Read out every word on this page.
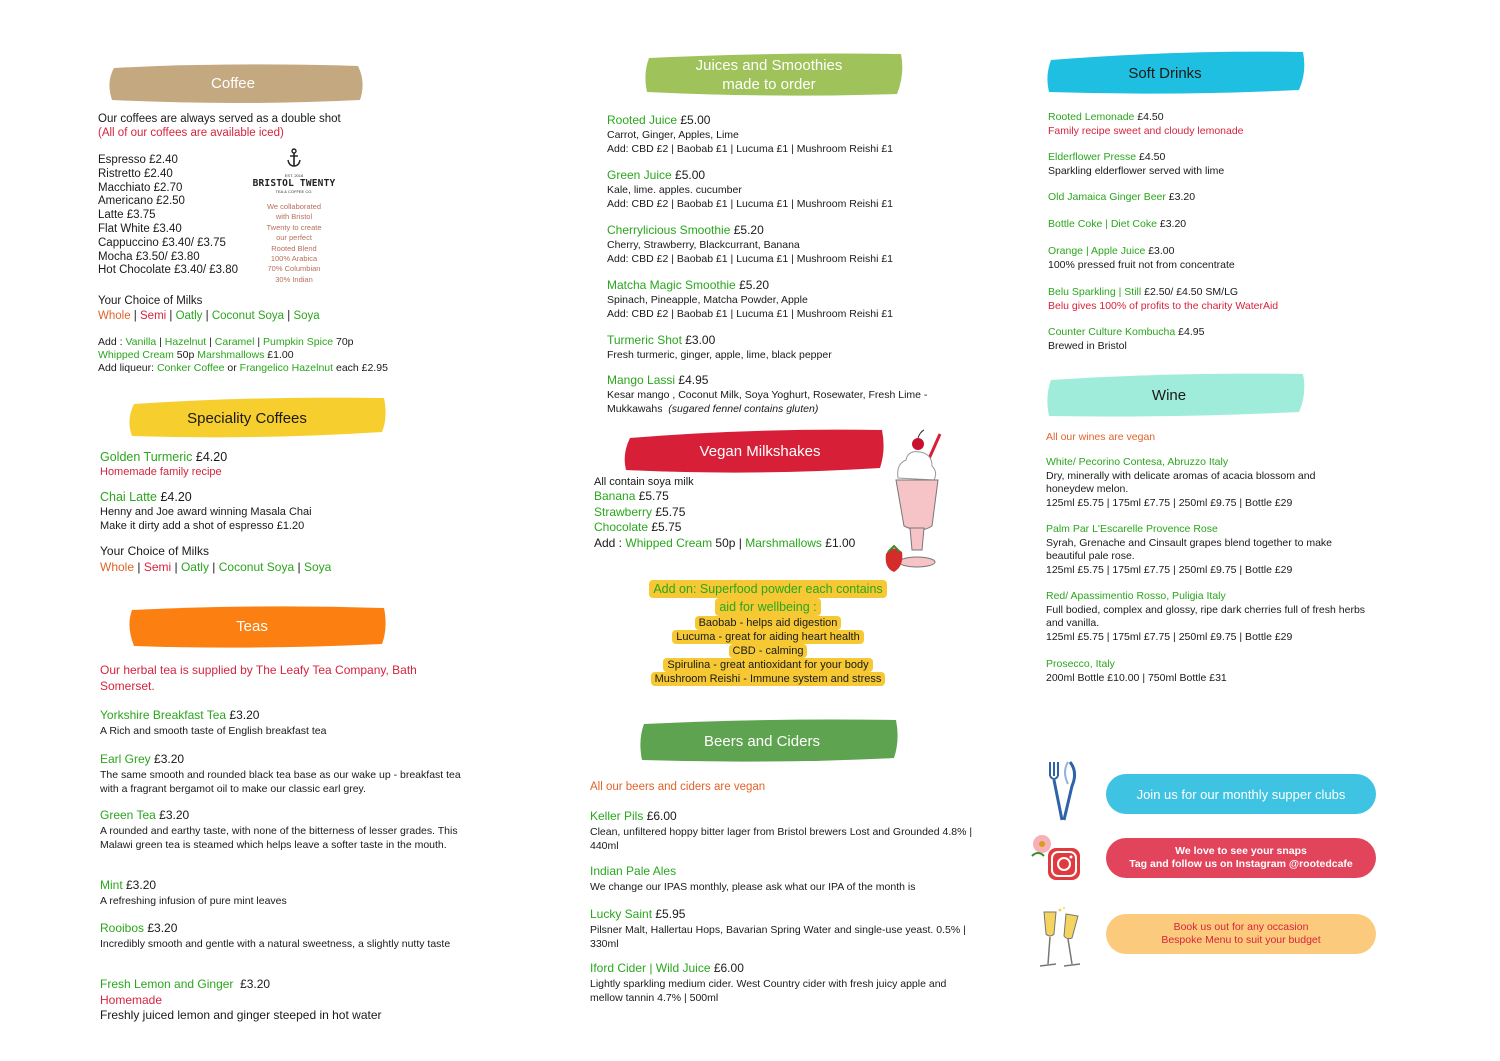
Coffee
Our coffees are always served as a double shot
(All of our coffees are available iced)
Espresso £2.40
Ristretto £2.40
Macchiato £2.70
Americano £2.50
Latte £3.75
Flat White £3.40
Cappuccino £3.40/ £3.75
Mocha £3.50/ £3.80
Hot Chocolate £3.40/ £3.80
EST. 2016
BRISTOL TWENTY
TEA & COFFEE CO.
We collaborated
with Bristol
Twenty to create
our perfect
Rooted Blend
100% Arabica
70% Columbian
30% Indian
Your Choice of Milks
Whole | Semi | Oatly | Coconut Soya | Soya
Add : Vanilla | Hazelnut | Caramel | Pumpkin Spice 70p
Whipped Cream 50p Marshmallows £1.00
Add liqueur: Conker Coffee or Frangelico Hazelnut each £2.95
Speciality Coffees
Golden Turmeric £4.20
Homemade family recipe
Chai Latte £4.20
Henny and Joe award winning Masala Chai
Make it dirty add a shot of espresso £1.20
Your Choice of Milks
Whole | Semi | Oatly | Coconut Soya | Soya
Teas
Our herbal tea is supplied by The Leafy Tea Company, Bath
Somerset.
Yorkshire Breakfast Tea £3.20
A Rich and smooth taste of English breakfast tea
Earl Grey £3.20
The same smooth and rounded black tea base as our wake up - breakfast tea with a fragrant bergamot oil to make our classic earl grey.
Green Tea £3.20
A rounded and earthy taste, with none of the bitterness of lesser grades. This Malawi green tea is steamed which helps leave a softer taste in the mouth.
Mint £3.20
A refreshing infusion of pure mint leaves
Rooibos £3.20
Incredibly smooth and gentle with a natural sweetness, a slightly nutty taste
Fresh Lemon and Ginger £3.20
Homemade
Freshly juiced lemon and ginger steeped in hot water
Juices and Smoothies
made to order
Rooted Juice £5.00
Carrot, Ginger, Apples, Lime
Add: CBD £2 | Baobab £1 | Lucuma £1 | Mushroom Reishi £1
Green Juice £5.00
Kale, lime. apples. cucumber
Add: CBD £2 | Baobab £1 | Lucuma £1 | Mushroom Reishi £1
Cherrylicious Smoothie £5.20
Cherry, Strawberry, Blackcurrant, Banana
Add: CBD £2 | Baobab £1 | Lucuma £1 | Mushroom Reishi £1
Matcha Magic Smoothie £5.20
Spinach, Pineapple, Matcha Powder, Apple
Add: CBD £2 | Baobab £1 | Lucuma £1 | Mushroom Reishi £1
Turmeric Shot £3.00
Fresh turmeric, ginger, apple, lime, black pepper
Mango Lassi £4.95
Kesar mango , Coconut Milk, Soya Yoghurt, Rosewater, Fresh Lime -
Mukkawahs (sugared fennel contains gluten)
Vegan Milkshakes
All contain soya milk
Banana £5.75
Strawberry £5.75
Chocolate £5.75
Add : Whipped Cream 50p | Marshmallows £1.00
Add on: Superfood powder each contains
aid for wellbeing :
Baobab - helps aid digestion
Lucuma - great for aiding heart health
CBD - calming
Spirulina - great antioxidant for your body
Mushroom Reishi - Immune system and stress
Beers and Ciders
All our beers and ciders are vegan
Keller Pils £6.00
Clean, unfiltered hoppy bitter lager from Bristol brewers Lost and Grounded 4.8% | 440ml
Indian Pale Ales
We change our IPAS monthly, please ask what our IPA of the month is
Lucky Saint £5.95
Pilsner Malt, Hallertau Hops, Bavarian Spring Water and single-use yeast. 0.5% | 330ml
Iford Cider | Wild Juice £6.00
Lightly sparkling medium cider. West Country cider with fresh juicy apple and mellow tannin 4.7% | 500ml
Soft Drinks
Rooted Lemonade £4.50
Family recipe sweet and cloudy lemonade
Elderflower Presse £4.50
Sparkling elderflower served with lime
Old Jamaica Ginger Beer £3.20
Bottle Coke | Diet Coke £3.20
Orange | Apple Juice £3.00
100% pressed fruit not from concentrate
Belu Sparkling | Still £2.50/ £4.50 SM/LG
Belu gives 100% of profits to the charity WaterAid
Counter Culture Kombucha £4.95
Brewed in Bristol
Wine
All our wines are vegan
White/ Pecorino Contesa, Abruzzo Italy
Dry, minerally with delicate aromas of acacia blossom and honeydew melon.
125ml £5.75 | 175ml £7.75 | 250ml £9.75 | Bottle £29
Palm Par L'Escarelle Provence Rose
Syrah, Grenache and Cinsault grapes blend together to make beautiful pale rose.
125ml £5.75 | 175ml £7.75 | 250ml £9.75 | Bottle £29
Red/ Apassimentio Rosso, Puligia Italy
Full bodied, complex and glossy, ripe dark cherries full of fresh herbs and vanilla.
125ml £5.75 | 175ml £7.75 | 250ml £9.75 | Bottle £29
Prosecco, Italy
200ml Bottle £10.00 | 750ml Bottle £31
Join us for our monthly supper clubs
We love to see your snaps
Tag and follow us on Instagram @rootedcafe
Book us out for any occasion
Bespoke Menu to suit your budget
